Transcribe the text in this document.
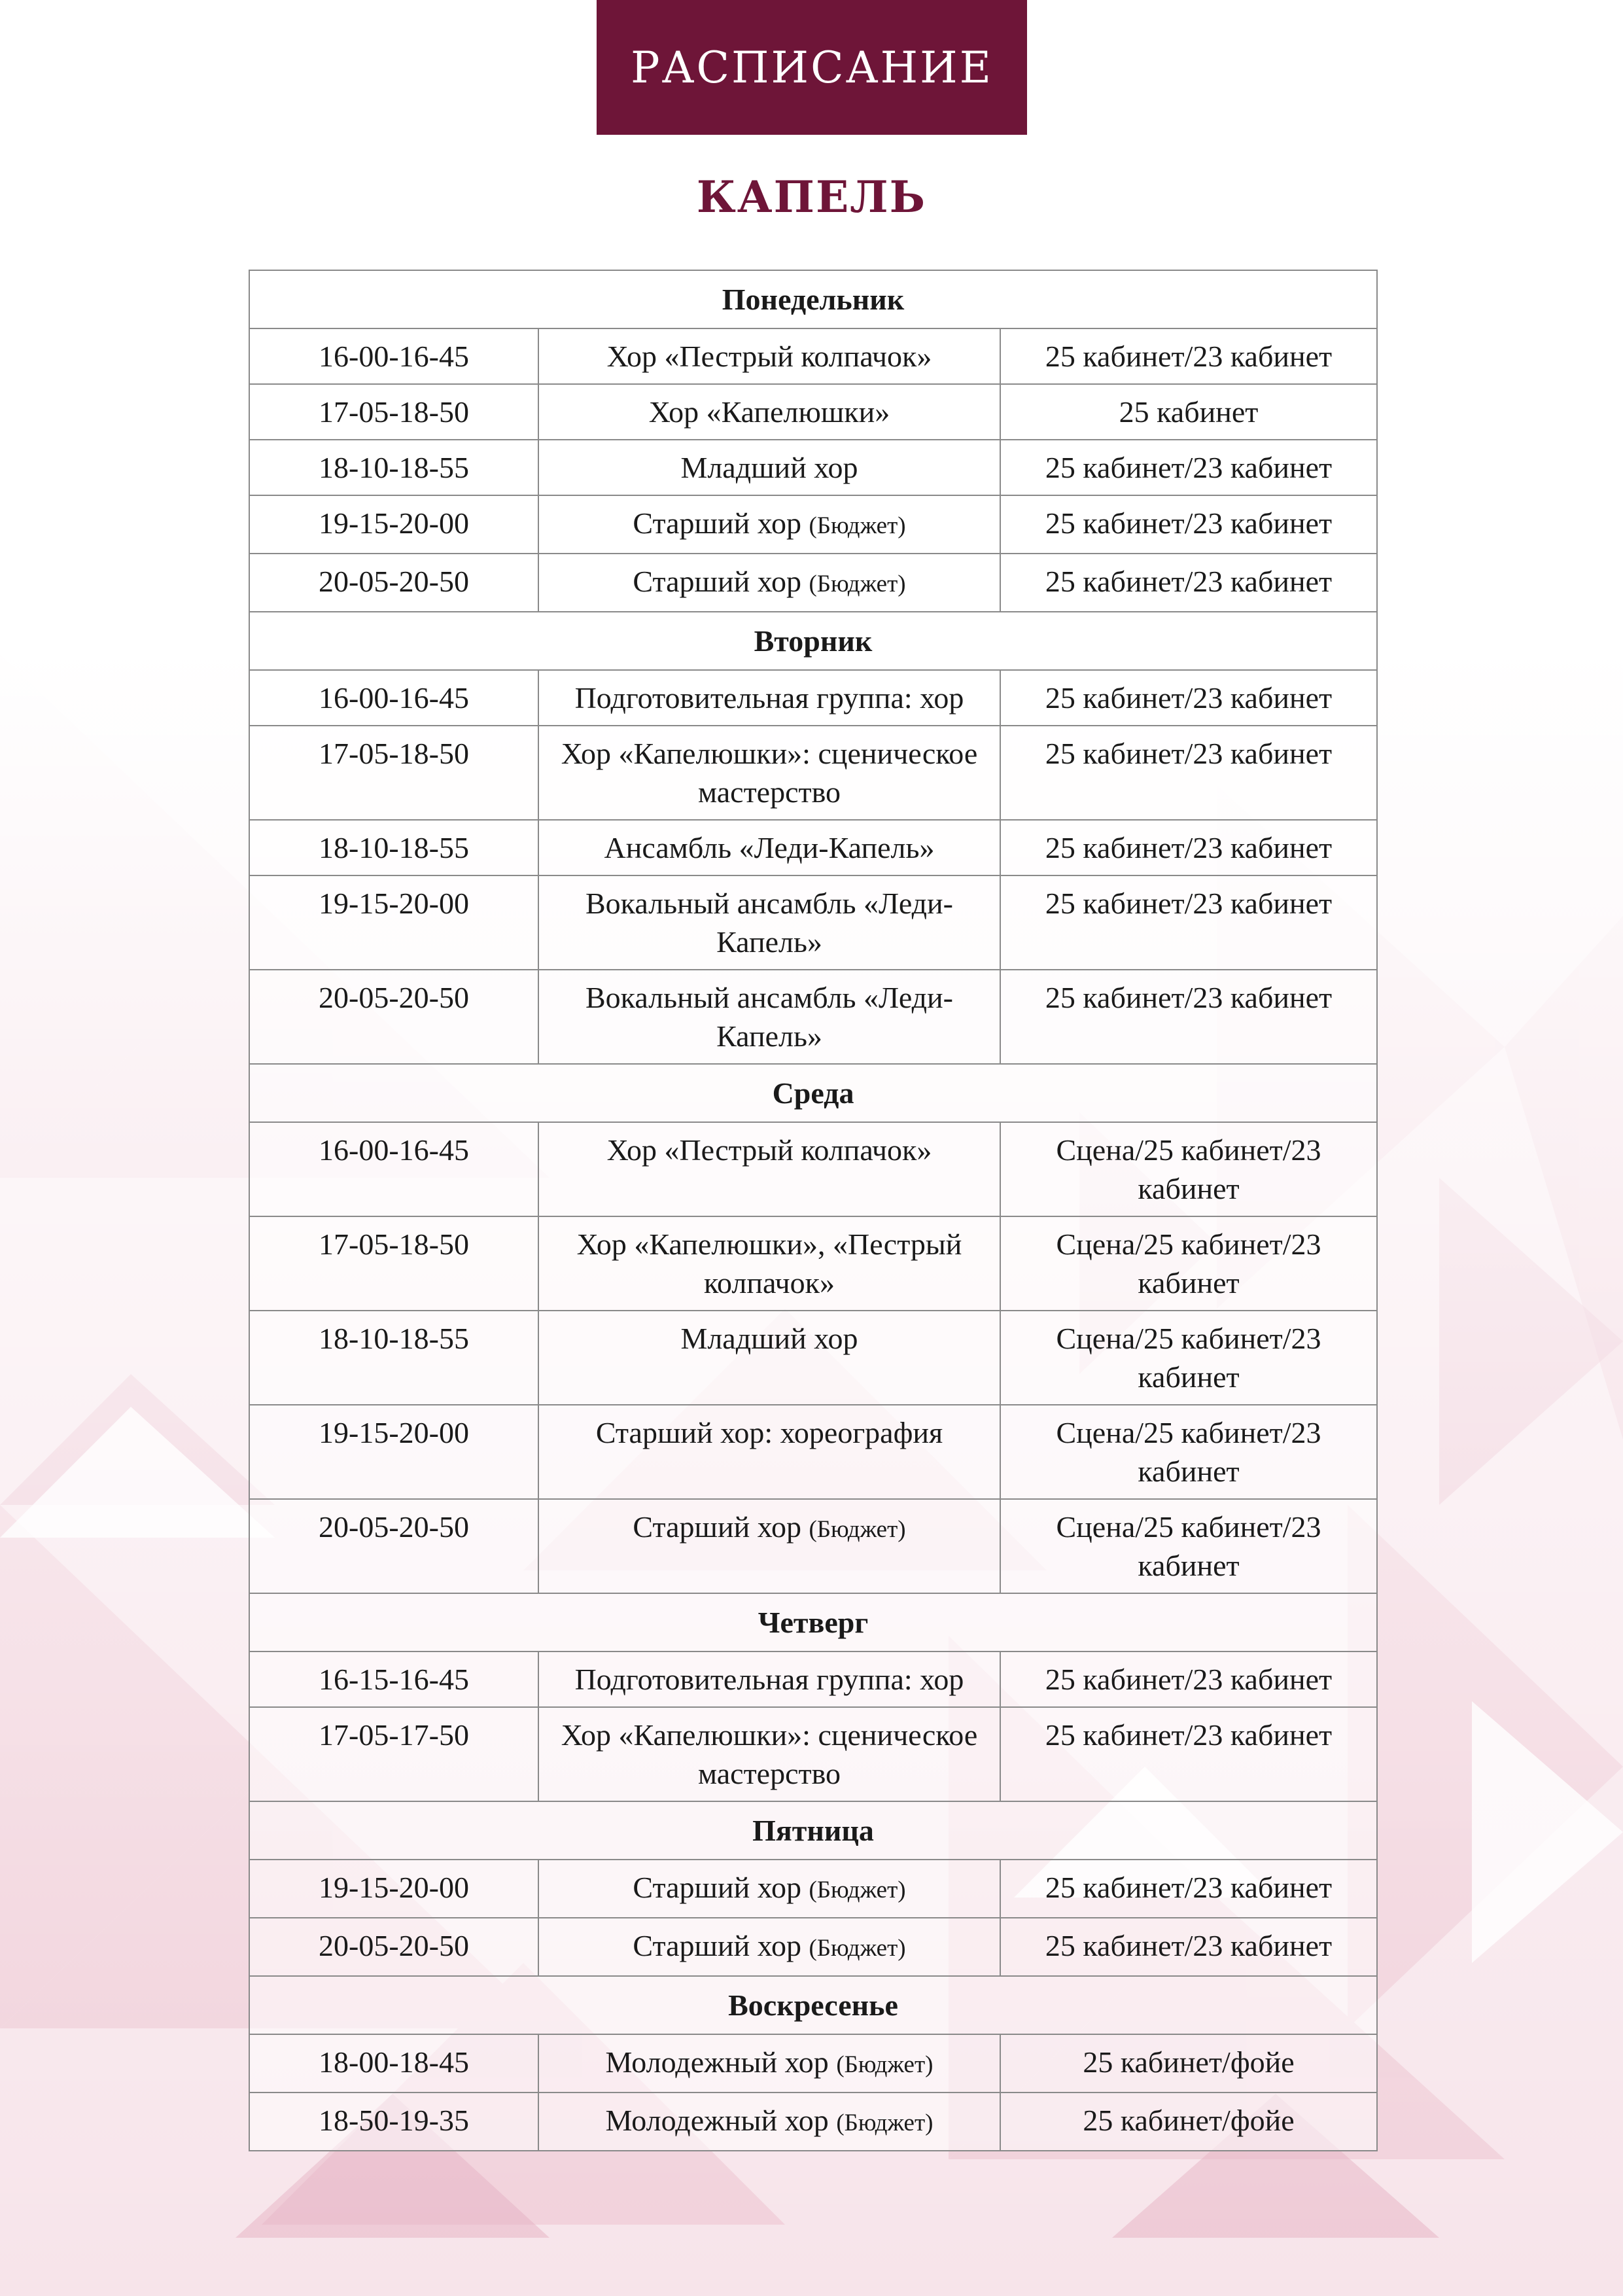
РАСПИСАНИЕ
КАПЕЛЬ
Понедельник		
16-00-16-45	Хор «Пестрый колпачок»	25 кабинет/23 кабинет
17-05-18-50	Хор «Капелюшки»	25 кабинет
18-10-18-55	Младший хор	25 кабинет/23 кабинет
19-15-20-00	Старший хор (Бюджет)	25 кабинет/23 кабинет
20-05-20-50	Старший хор (Бюджет)	25 кабинет/23 кабинет
Вторник		
16-00-16-45	Подготовительная группа: хор	25 кабинет/23 кабинет
17-05-18-50	Хор «Капелюшки»: сценическое мастерство	25 кабинет/23 кабинет
18-10-18-55	Ансамбль «Леди-Капель»	25 кабинет/23 кабинет
19-15-20-00	Вокальный ансамбль «Леди-Капель»	25 кабинет/23 кабинет
20-05-20-50	Вокальный ансамбль «Леди-Капель»	25 кабинет/23 кабинет
Среда		
16-00-16-45	Хор «Пестрый колпачок»	Сцена/25 кабинет/23 кабинет
17-05-18-50	Хор «Капелюшки», «Пестрый колпачок»	Сцена/25 кабинет/23 кабинет
18-10-18-55	Младший хор	Сцена/25 кабинет/23 кабинет
19-15-20-00	Старший хор: хореография	Сцена/25 кабинет/23 кабинет
20-05-20-50	Старший хор (Бюджет)	Сцена/25 кабинет/23 кабинет
Четверг		
16-15-16-45	Подготовительная группа: хор	25 кабинет/23 кабинет
17-05-17-50	Хор «Капелюшки»: сценическое мастерство	25 кабинет/23 кабинет
Пятница		
19-15-20-00	Старший хор (Бюджет)	25 кабинет/23 кабинет
20-05-20-50	Старший хор (Бюджет)	25 кабинет/23 кабинет
Воскресенье		
18-00-18-45	Молодежный хор (Бюджет)	25 кабинет/фойе
18-50-19-35	Молодежный хор (Бюджет)	25 кабинет/фойе
